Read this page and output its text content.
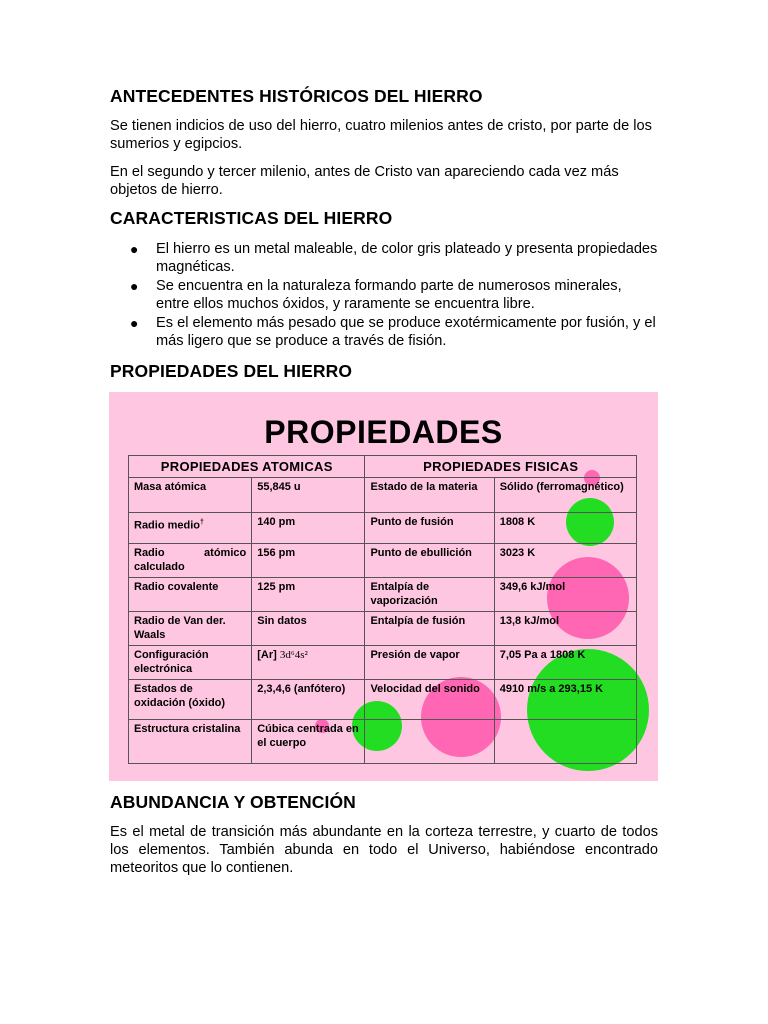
ANTECEDENTES HISTÓRICOS DEL HIERRO

Se tienen indicios de uso del hierro, cuatro milenios antes de cristo, por parte de los sumerios y egipcios.

En el segundo y tercer milenio, antes de Cristo van apareciendo cada vez más objetos de hierro.

CARACTERISTICAS DEL HIERRO
● El hierro es un metal maleable, de color gris plateado y presenta propiedades magnéticas.
● Se encuentra en la naturaleza formando parte de numerosos minerales, entre ellos muchos óxidos, y raramente se encuentra libre.
● Es el elemento más pesado que se produce exotérmicamente por fusión, y el más ligero que se produce a través de fisión.
PROPIEDADES DEL HIERRO
ABUNDANCIA Y OBTENCIÓN

Es el metal de transición más abundante en la corteza terrestre, y cuarto de todos los elementos. También abunda en todo el Universo, habiéndose encontrado meteoritos que lo contienen.

PROPIEDADES
PROPIEDADES ATOMICAS		PROPIEDADES FISICAS	
Masa atómica	55,845 u	Estado de la materia	Sólido (ferromagnético)
Radio medio†	140 pm	Punto de fusión	1808 K

Radio atómico calculado	156 pm	Punto de ebullición	3023 K
Radio covalente	125 pm	Entalpía de vaporización	349,6 kJ/mol
Radio de Van der. Waals	Sin datos	Entalpía de fusión	13,8 kJ/mol
Configuración electrónica	[Ar] 3d⁶4s²	Presión de vapor	7,05 Pa a 1808 K
Estados de oxidación (óxido)	2,3,4,6 (anfótero)	Velocidad del sonido	4910 m/s a 293,15 K
Estructura cristalina	Cúbica centrada en el cuerpo		
